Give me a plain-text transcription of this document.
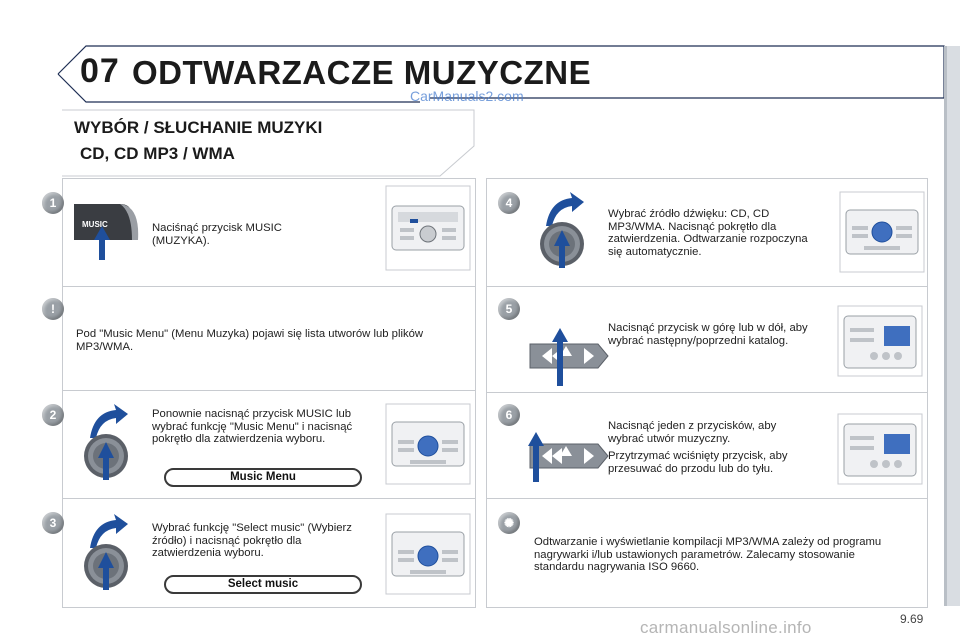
07 ODTWARZACZE MUZYCZNE
CarManuals2.com
WYBÓR / SŁUCHANIE MUZYKI
CD, CD MP3 / WMA
1
MUSIC	Naciśnąć przycisk MUSIC (MUZYKA).
!
Pod "Music Menu" (Menu Muzyka) pojawi się lista utworów lub plików MP3/WMA.
2	Ponownie nacisnąć przycisk MUSIC lub wybrać funkcję "Music Menu" i nacisnąć pokrętło dla zatwierdzenia wyboru.
Music Menu
3	Wybrać funkcję "Select music" (Wybierz źródło) i nacisnąć pokrętło dla zatwierdzenia wyboru.
Select music
4
Wybrać źródło dźwięku: CD, CD MP3/WMA. Nacisnąć pokrętło dla zatwierdzenia. Odtwarzanie rozpoczyna się automatycznie.
5
Nacisnąć przycisk w górę lub w dół, aby wybrać następny/poprzedni katalog.
6
Nacisnąć jeden z przycisków, aby wybrać utwór muzyczny.
Przytrzymać wciśnięty przycisk, aby przesuwać do przodu lub do tyłu.
✺
Odtwarzanie i wyświetlanie kompilacji MP3/WMA zależy od programu nagrywarki i/lub ustawionych parametrów. Zalecamy stosowanie standardu nagrywania ISO 9660.
carmanualsonline.info	9.69
